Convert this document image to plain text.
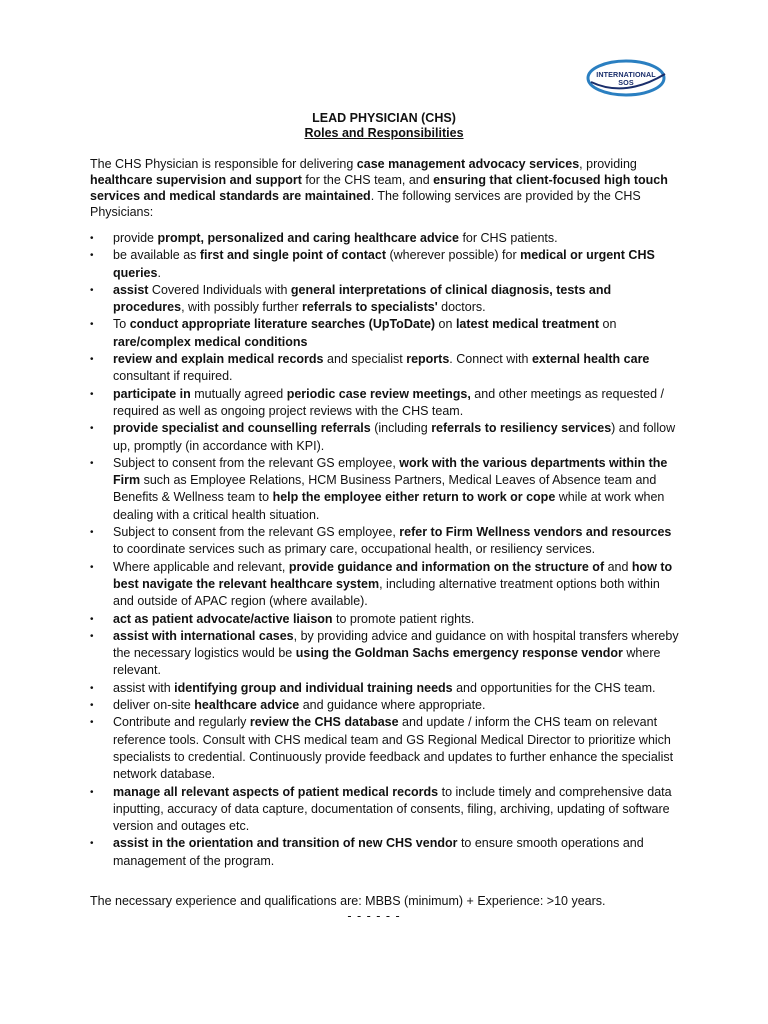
INTERNATIONAL
SOS
LEAD PHYSICIAN (CHS)
Roles and Responsibilities
The CHS Physician is responsible for delivering case management advocacy services, providing healthcare supervision and support for the CHS team, and ensuring that client-focused high touch services and medical standards are maintained. The following services are provided by the CHS Physicians:
• provide prompt, personalized and caring healthcare advice for CHS patients.
• be available as first and single point of contact (wherever possible) for medical or urgent CHS queries.
• assist Covered Individuals with general interpretations of clinical diagnosis, tests and procedures, with possibly further referrals to specialists' doctors.
• To conduct appropriate literature searches (UpToDate) on latest medical treatment on rare/complex medical conditions
• review and explain medical records and specialist reports. Connect with external health care consultant if required.
• participate in mutually agreed periodic case review meetings, and other meetings as requested / required as well as ongoing project reviews with the CHS team.
• provide specialist and counselling referrals (including referrals to resiliency services) and follow up, promptly (in accordance with KPI).
• Subject to consent from the relevant GS employee, work with the various departments within the Firm such as Employee Relations, HCM Business Partners, Medical Leaves of Absence team and Benefits & Wellness team to help the employee either return to work or cope while at work when dealing with a critical health situation.
• Subject to consent from the relevant GS employee, refer to Firm Wellness vendors and resources to coordinate services such as primary care, occupational health, or resiliency services.
• Where applicable and relevant, provide guidance and information on the structure of and how to best navigate the relevant healthcare system, including alternative treatment options both within and outside of APAC region (where available).
• act as patient advocate/active liaison to promote patient rights.
• assist with international cases, by providing advice and guidance on with hospital transfers whereby the necessary logistics would be using the Goldman Sachs emergency response vendor where relevant.
• assist with identifying group and individual training needs and opportunities for the CHS team.
• deliver on-site healthcare advice and guidance where appropriate.
• Contribute and regularly review the CHS database and update / inform the CHS team on relevant reference tools. Consult with CHS medical team and GS Regional Medical Director to prioritize which specialists to credential. Continuously provide feedback and updates to further enhance the specialist network database.
• manage all relevant aspects of patient medical records to include timely and comprehensive data inputting, accuracy of data capture, documentation of consents, filing, archiving, updating of software version and outages etc.
• assist in the orientation and transition of new CHS vendor to ensure smooth operations and management of the program.
The necessary experience and qualifications are: MBBS (minimum) + Experience: >10 years.
- - - - - -
